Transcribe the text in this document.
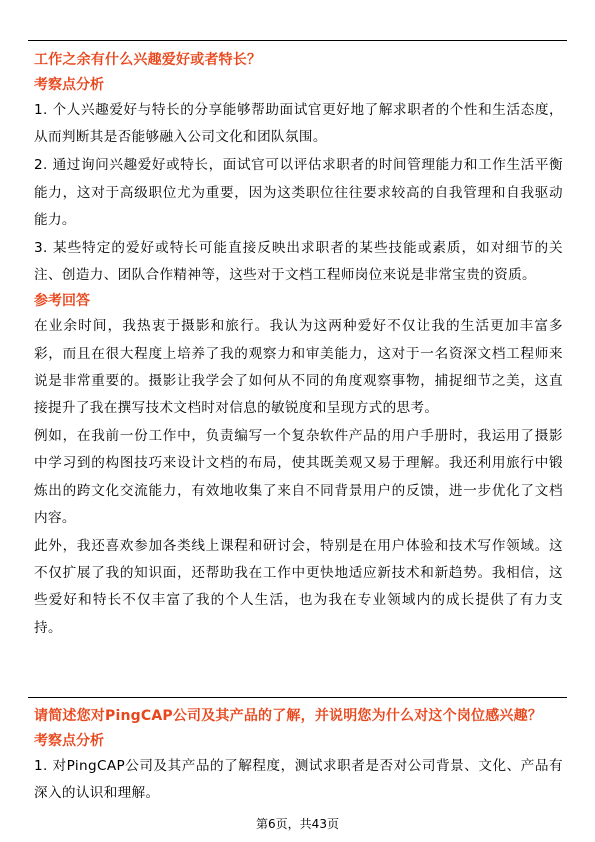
工作之余有什么兴趣爱好或者特长？
考察点分析
1. 个人兴趣爱好与特长的分享能够帮助面试官更好地了解求职者的个性和生活态度，从而判断其是否能够融入公司文化和团队氛围。
2. 通过询问兴趣爱好或特长，面试官可以评估求职者的时间管理能力和工作生活平衡能力，这对于高级职位尤为重要，因为这类职位往往要求较高的自我管理和自我驱动能力。
3. 某些特定的爱好或特长可能直接反映出求职者的某些技能或素质，如对细节的关注、创造力、团队合作精神等，这些对于文档工程师岗位来说是非常宝贵的资质。
参考回答
在业余时间，我热衷于摄影和旅行。我认为这两种爱好不仅让我的生活更加丰富多彩，而且在很大程度上培养了我的观察力和审美能力，这对于一名资深文档工程师来说是非常重要的。摄影让我学会了如何从不同的角度观察事物，捕捉细节之美，这直接提升了我在撰写技术文档时对信息的敏锐度和呈现方式的思考。
例如，在我前一份工作中，负责编写一个复杂软件产品的用户手册时，我运用了摄影中学习到的构图技巧来设计文档的布局，使其既美观又易于理解。我还利用旅行中锻炼出的跨文化交流能力，有效地收集了来自不同背景用户的反馈，进一步优化了文档内容。
此外，我还喜欢参加各类线上课程和研讨会，特别是在用户体验和技术写作领域。这不仅扩展了我的知识面，还帮助我在工作中更快地适应新技术和新趋势。我相信，这些爱好和特长不仅丰富了我的个人生活，也为我在专业领域内的成长提供了有力支持。
请简述您对PingCAP公司及其产品的了解，并说明您为什么对这个岗位感兴趣？
考察点分析
1. 对PingCAP公司及其产品的了解程度，测试求职者是否对公司背景、文化、产品有深入的认识和理解。
第6页，共43页
